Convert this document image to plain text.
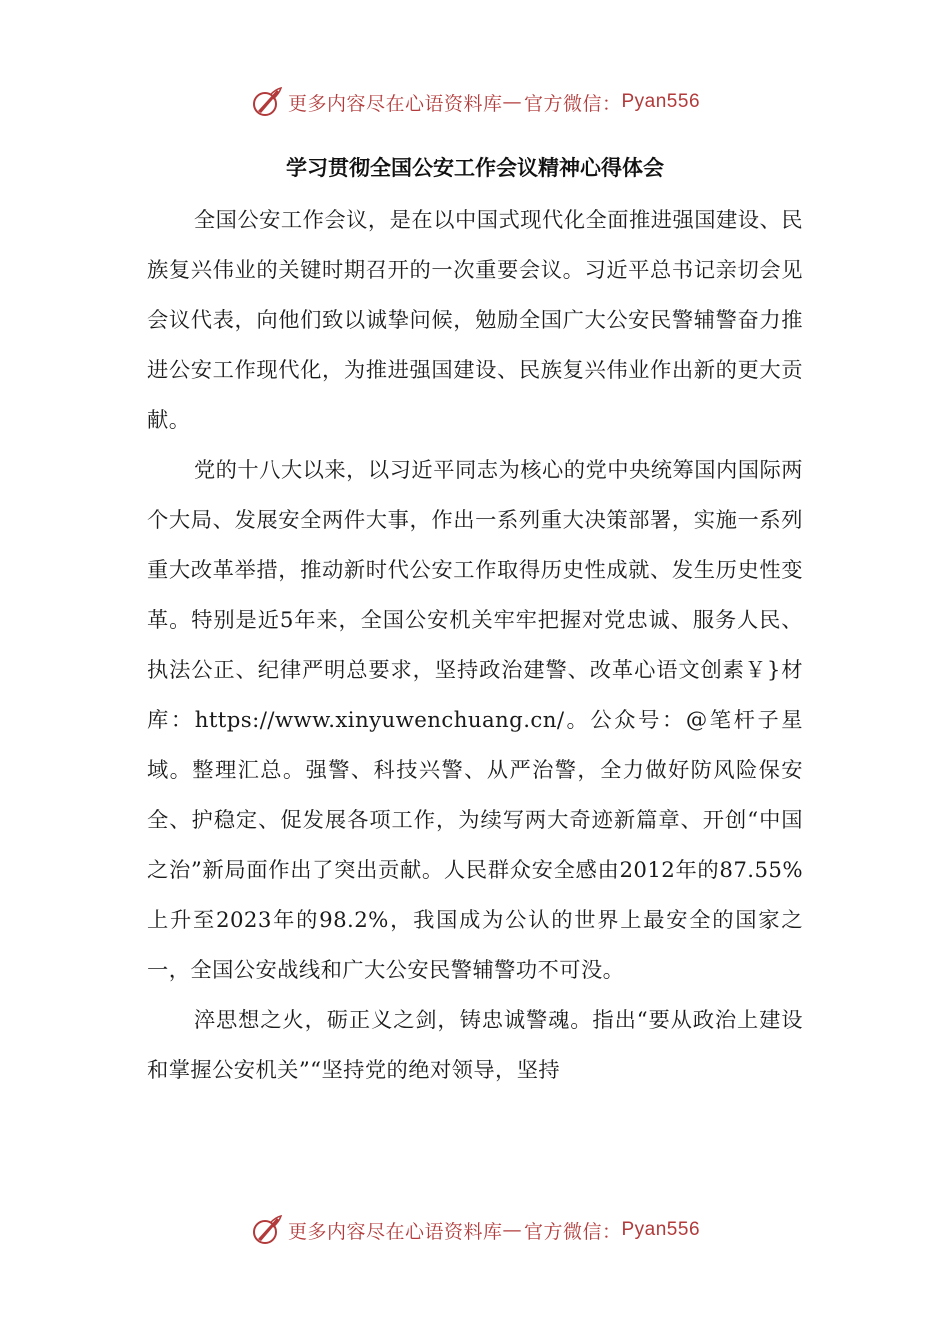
更多内容尽在心语资料库 — 官方微信： Pyan556
学习贯彻全国公安工作会议精神心得体会

全国公安工作会议，是在以中国式现代化全面推进强国建设、民族复兴伟业的关键时期召开的一次重要会议。习近平总书记亲切会见会议代表，向他们致以诚挚问候，勉励全国广大公安民警辅警奋力推进公安工作现代化，为推进强国建设、民族复兴伟业作出新的更大贡献。

党的十八大以来，以习近平同志为核心的党中央统筹国内国际两个大局、发展安全两件大事，作出一系列重大决策部署，实施一系列重大改革举措，推动新时代公安工作取得历史性成就、发生历史性变革。特别是近5年来，全国公安机关牢牢把握对党忠诚、服务人民、执法公正、纪律严明总要求，坚持政治建警、改革心语文创素￥}材库：https://www.xinyuwenchuang.cn/。公众号：@笔杆子星域。整理汇总。强警、科技兴警、从严治警，全力做好防风险保安全、护稳定、促发展各项工作，为续写两大奇迹新篇章、开创“中国之治”新局面作出了突出贡献。人民群众安全感由2012年的87.55%上升至2023年的98.2%，我国成为公认的世界上最安全的国家之一，全国公安战线和广大公安民警辅警功不可没。

淬思想之火，砺正义之剑，铸忠诚警魂。指出“要从政治上建设和掌握公安机关”“坚持党的绝对领导，坚持

更多内容尽在心语资料库 — 官方微信： Pyan556
